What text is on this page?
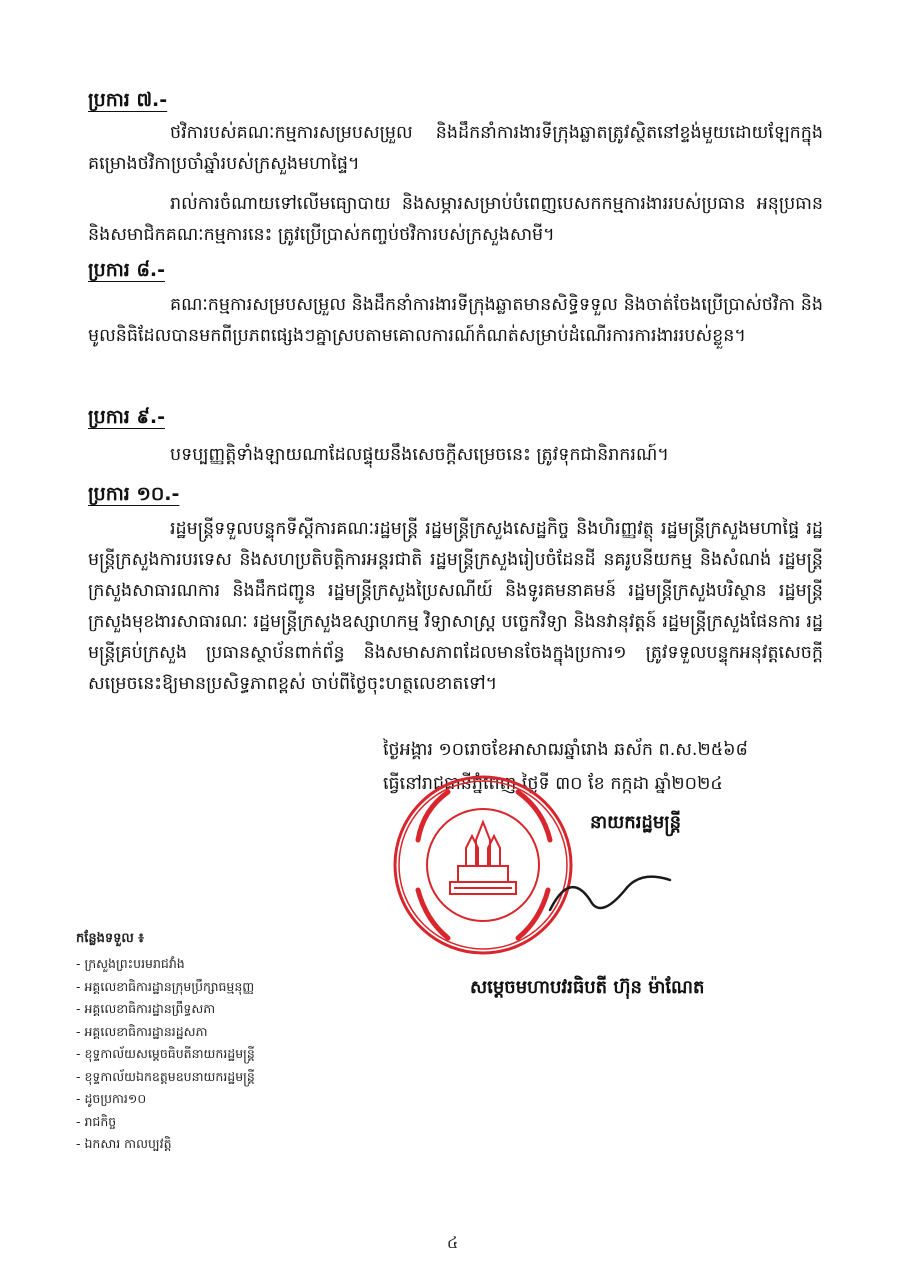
ប្រការ ៧.-
ថវិការបស់គណៈកម្មការសម្របសម្រួល និងដឹកនាំការងារទីក្រុងឆ្លាតត្រូវស្ថិតនៅខ្ទង់មួយដោយឡែកក្នុងគម្រោងថវិកាប្រចាំឆ្នាំរបស់ក្រសួងមហាផ្ទៃ។
រាល់ការចំណាយទៅលើមធ្យោបាយ និងសម្ភារសម្រាប់បំពេញបេសកកម្មការងាររបស់ប្រធាន អនុប្រធាន និងសមាជិកគណៈកម្មការនេះ ត្រូវប្រើប្រាស់កញ្ចប់ថវិការបស់ក្រសួងសាមី។
ប្រការ ៨.-
គណៈកម្មការសម្របសម្រួល និងដឹកនាំការងារទីក្រុងឆ្លាតមានសិទ្ធិទទួល និងចាត់ចែងប្រើប្រាស់ថវិកា និងមូលនិធិដែលបានមកពីប្រភពផ្សេងៗគ្នាស្របតាមគោលការណ៍កំណត់សម្រាប់ដំណើរការការងាររបស់ខ្លួន។
ប្រការ ៩.-
បទប្បញ្ញត្តិទាំងឡាយណាដែលផ្ទុយនឹងសេចក្ដីសម្រេចនេះ ត្រូវទុកជានិរាករណ៍។
ប្រការ ១០.-
រដ្ឋមន្ត្រីទទួលបន្ទុកទីស្ដីការគណៈរដ្ឋមន្ត្រី រដ្ឋមន្ត្រីក្រសួងសេដ្ឋកិច្ច និងហិរញ្ញវត្ថុ រដ្ឋមន្ត្រីក្រសួងមហាផ្ទៃ រដ្ឋមន្ត្រីក្រសួងការបរទេស និងសហប្រតិបត្តិការអន្តរជាតិ រដ្ឋមន្ត្រីក្រសួងរៀបចំដែនដី នគរូបនីយកម្ម និងសំណង់ រដ្ឋមន្ត្រីក្រសួងសាធារណការ និងដឹកជញ្ជូន រដ្ឋមន្ត្រីក្រសួងប្រៃសណីយ៍ និងទូរគមនាគមន៍ រដ្ឋមន្ត្រីក្រសួងបរិស្ថាន រដ្ឋមន្ត្រីក្រសួងមុខងារសាធារណៈ រដ្ឋមន្ត្រីក្រសួងឧស្សាហកម្ម វិទ្យាសាស្ត្រ បច្ចេកវិទ្យា និងនវានុវត្តន៍ រដ្ឋមន្ត្រីក្រសួងផែនការ រដ្ឋមន្ត្រីគ្រប់ក្រសួង ប្រធានស្ថាប័នពាក់ព័ន្ធ និងសមាសភាពដែលមានចែងក្នុងប្រការ១ ត្រូវទទួលបន្ទុកអនុវត្តសេចក្ដីសម្រេចនេះឱ្យមានប្រសិទ្ធភាពខ្ពស់ ចាប់ពីថ្ងៃចុះហត្ថលេខាតទៅ។
ថ្ងៃអង្គារ ១០រោចខែអាសាឍឆ្នាំរោង ឆស័ក ព.ស.២៥៦៨
ធ្វើនៅរាជធានីភ្នំពេញ ថ្ងៃទី ៣០ ខែ កក្កដា ឆ្នាំ២០២៤
នាយករដ្ឋមន្ត្រី
សម្ដេចមហាបវរធិបតី ហ៊ុន ម៉ាណែត
កន្លែងទទួល ៖
- ក្រសួងព្រះបរមរាជវាំង
- អគ្គលេខាធិការដ្ឋានក្រុមប្រឹក្សាធម្មនុញ្ញ
- អគ្គលេខាធិការដ្ឋានព្រឹទ្ធសភា
- អគ្គលេខាធិការដ្ឋានរដ្ឋសភា
- ខុទ្ទកាល័យសម្ដេចធិបតីនាយករដ្ឋមន្ត្រី
- ខុទ្ទកាល័យឯកឧត្តមឧបនាយករដ្ឋមន្ត្រី
- ដូចប្រការ១០
- រាជកិច្ច
- ឯកសារ កាលប្បវត្តិ
៤
